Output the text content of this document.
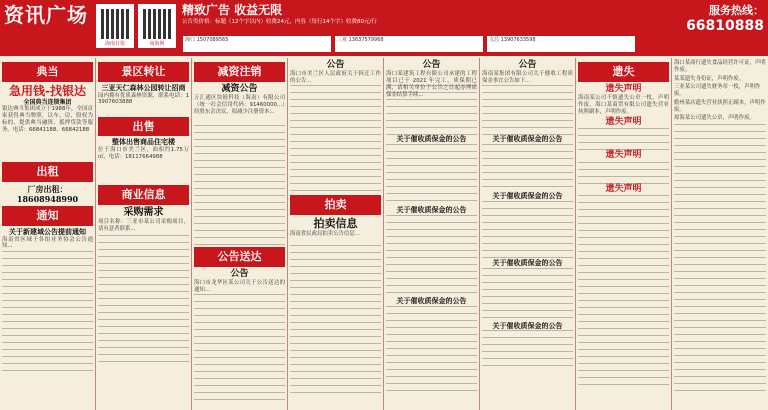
资讯广场
海南日报	南海网
精致广告 收益无限
公告类价格：标题（12个字以内）收费24元，内容（每行14个字）收费80元/行
海口 1507089565	三亚 13637579968	文昌 13907633598
服务热线：
66810888
典当
急用钱-找银达
全国典当连锁集团
银达典当集团成立于1988年，全国首家获得典当牌照，以车、房、股权为标的，提供典当融资、抵押贷款等服务。电话：66841188、66842188
出租
厂房出租：18608948990
通知
关于新建域公告提前通知
海南省区域于各组业务协会公告通知...
景区转让
三亚天仁森林公园转让招商
园内拥有优质森林资源，联系电话：13907603888
出售
整体出售商品住宅楼
位于海口市美兰区，面积约1.75万㎡，电话：18117664988
商业信息
采购需求
项目名称：三亚市某公司采购项目，请有意者联系...
减资注销
减资公告
万汇通区块链科技（海南）有限公司（统一社会信用代码：91460000...）经股东会决议，拟减少注册资本...
公告送达
公告
海口市龙华区某公司关于公告送达的通知...
公告
海口市美兰区人民政府关于拆迁工作的公告...
拍卖
拍卖信息
海南省民政局拍卖公告信息...
公告
海口某建筑工程有限公司承建的工程项目已于 2021 年完工，质保期已满，请相关单位于公告之日起办理质保金结算手续...
关于催收质保金的公告
关于催收质保金的公告
关于催收质保金的公告
公告
海南某集团有限公司关于催收工程质保金事宜公告如下...
关于催收质保金的公告
关于催收质保金的公告
关于催收质保金的公告
关于催收质保金的公告
遗失
遗失声明
海南某公司不慎遗失公章一枚，声明作废。海口某商贸有限公司遗失营业执照副本，声明作废。
遗失声明
遗失声明
遗失声明
海口某商行遗失食品经营许可证，声明作废。
某某遗失身份证，声明作废。
三亚某公司遗失财务章一枚，声明作废。
儋州某店遗失营业执照正副本，声明作废。
琼海某公司遗失公章，声明作废。
